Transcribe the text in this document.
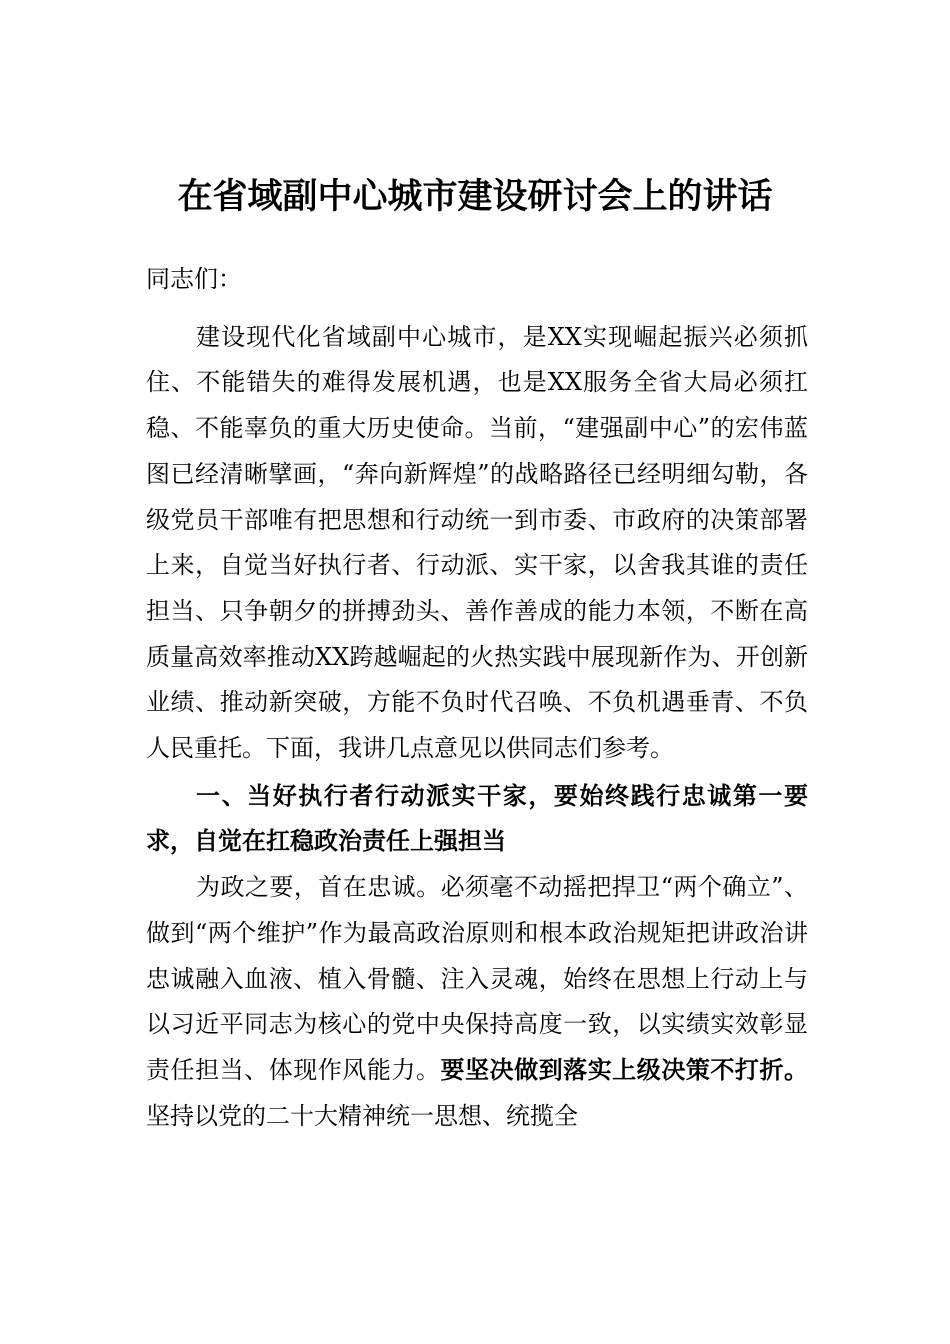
在省域副中心城市建设研讨会上的讲话

同志们：

建设现代化省域副中心城市，是XX实现崛起振兴必须抓住、不能错失的难得发展机遇，也是XX服务全省大局必须扛稳、不能辜负的重大历史使命。当前，“建强副中心”的宏伟蓝图已经清晰擘画，“奔向新辉煌”的战略路径已经明细勾勒，各级党员干部唯有把思想和行动统一到市委、市政府的决策部署上来，自觉当好执行者、行动派、实干家，以舍我其谁的责任担当、只争朝夕的拼搏劲头、善作善成的能力本领，不断在高质量高效率推动XX跨越崛起的火热实践中展现新作为、开创新业绩、推动新突破，方能不负时代召唤、不负机遇垂青、不负人民重托。下面，我讲几点意见以供同志们参考。

一、当好执行者行动派实干家，要始终践行忠诚第一要求，自觉在扛稳政治责任上强担当

为政之要，首在忠诚。必须毫不动摇把捍卫“两个确立”、做到“两个维护”作为最高政治原则和根本政治规矩把讲政治讲忠诚融入血液、植入骨髓、注入灵魂，始终在思想上行动上与以习近平同志为核心的党中央保持高度一致，以实绩实效彰显责任担当、体现作风能力。要坚决做到落实上级决策不打折。坚持以党的二十大精神统一思想、统揽全
